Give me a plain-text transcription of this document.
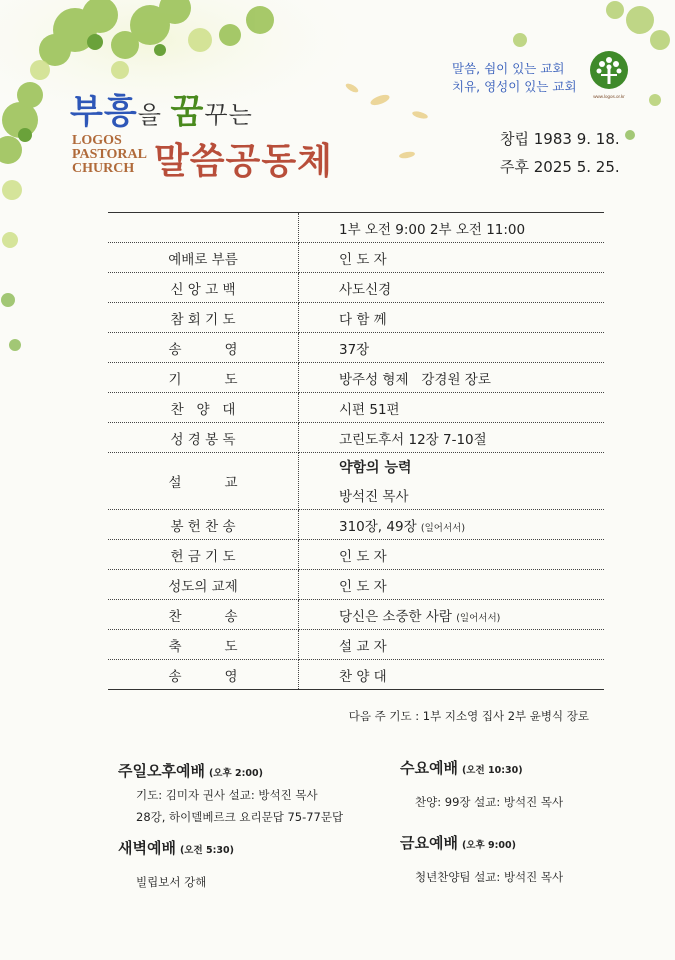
부흥을 꿈꾸는
LOGOS
PASTORAL
CHURCH 말씀공동체
말씀, 쉼이 있는 교회
치유, 영성이 있는 교회
www.logos.or.kr
창립 1983 9. 18.
주후 2025 5. 25.
	1부 오전 9:00 2부 오전 11:00
예배로 부름	인 도 자
신 앙 고 백	사도신경
참 회 기 도	다 함 께
송          영	37장
기          도	방주성 형제   강경원 장로
찬   양   대	시편 51편
성 경 봉 독	고린도후서 12장 7-10절
설          교	약함의 능력
방석진 목사

봉 헌 찬 송	310장, 49장 (일어서서)
헌 금 기 도	인 도 자
성도의 교제	인 도 자
찬          송	당신은 소중한 사람 (일어서서)
축          도	설 교 자
송          영	찬 양 대
다음 주 기도 : 1부 지소영 집사 2부 윤병식 장로
주일오후예배 (오후 2:00)
기도: 김미자 권사 설교: 방석진 목사
28강, 하이델베르크 요리문답 75-77문답
새벽예배 (오전 5:30)
빌립보서 강해
수요예배 (오전 10:30)
찬양: 99장 설교: 방석진 목사
금요예배 (오후 9:00)
청년찬양팀 설교: 방석진 목사
